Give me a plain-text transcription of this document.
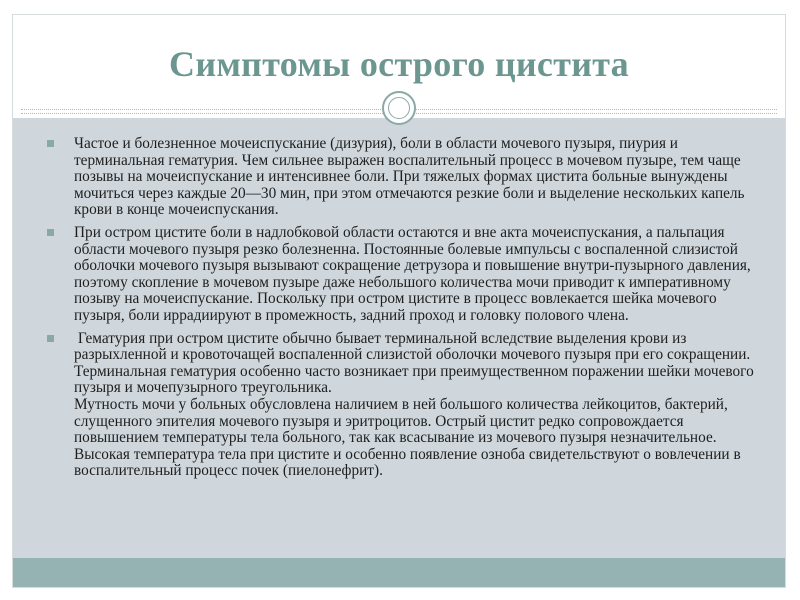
Симптомы острого цистита
Частое и болезненное мочеиспускание (дизурия), боли в области мочевого пузыря, пиурия и терминальная гематурия. Чем сильнее выражен воспалительный процесс в мочевом пузыре, тем чаще позывы на мочеиспускание и интенсивнее боли. При тяжелых формах цистита больные вынуждены мочиться через каждые 20—30 мин, при этом отмечаются резкие боли и выделение нескольких капель крови в конце мочеиспускания.
При остром цистите боли в надлобковой области остаются и вне акта мочеиспускания, а пальпация области мочевого пузыря резко болезненна. Постоянные болевые импульсы с воспаленной слизистой оболочки мочевого пузыря вызывают сокращение детрузора и повышение внутри-пузырного давления, поэтому скопление в мочевом пузыре даже небольшого количества мочи приводит к императивному позыву на мочеиспускание. Поскольку при остром цистите в процесс вовлекается шейка мочевого пузыря, боли иррадиируют в промежность, задний проход и головку полового члена.
Гематурия при остром цистите обычно бывает терминальной вследствие выделения крови из разрыхленной и кровоточащей воспаленной слизистой оболочки мочевого пузыря при его сокращении. Терминальная гематурия особенно часто возникает при преимущественном поражении шейки мочевого пузыря и мочепузырного треугольника.
Мутность мочи у больных обусловлена наличием в ней большого количества лейкоцитов, бактерий, слущенного эпителия мочевого пузыря и эритроцитов. Острый цистит редко сопровождается повышением температуры тела больного, так как всасывание из мочевого пузыря незначительное. Высокая температура тела при цистите и особенно появление озноба свидетельствуют о вовлечении в воспалительный процесс почек (пиелонефрит).
